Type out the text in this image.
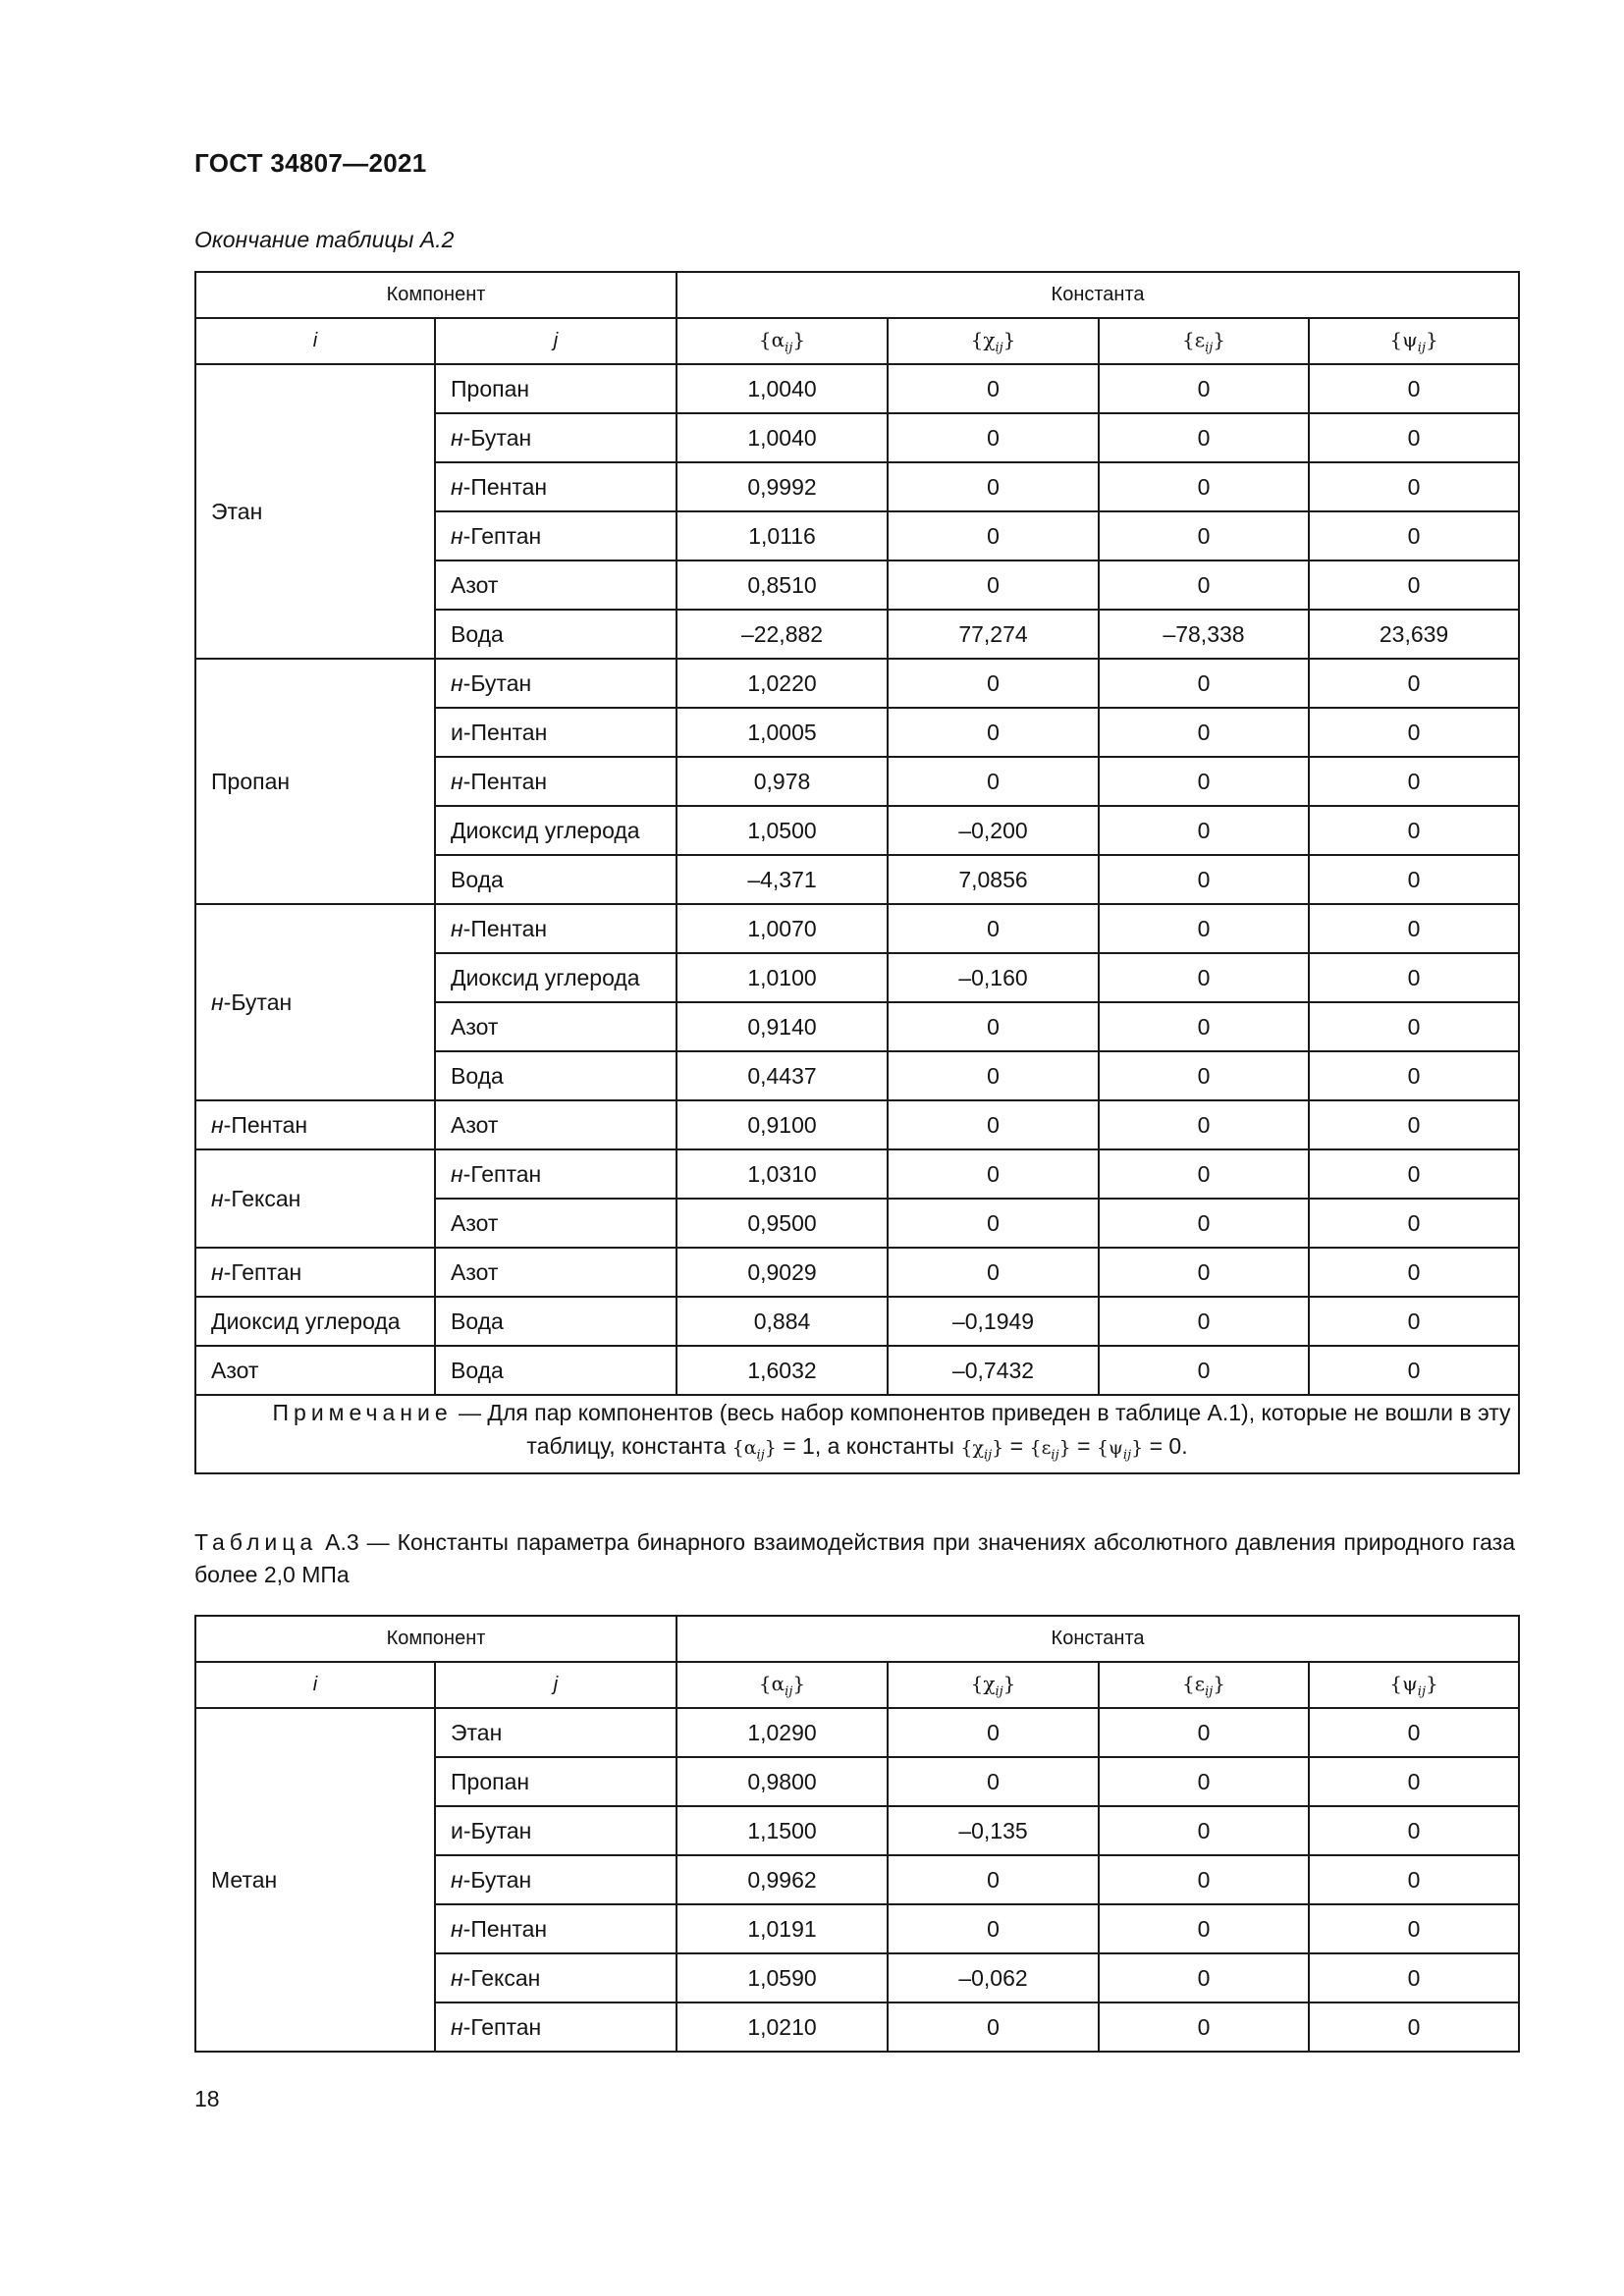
ГОСТ 34807—2021
Окончание таблицы А.2
Компонент		Константа			
i	j	$\{\alpha_{ij}\}$	$\{\chi_{ij}\}$	$\{\varepsilon_{ij}\}$	$\{\psi_{ij}\}$
Этан	Пропан	1,0040	0	0	0
	н-Бутан	1,0040	0	0	0
	н-Пентан	0,9992	0	0	0
	н-Гептан	1,0116	0	0	0
	Азот	0,8510	0	0	0
	Вода	–22,882	77,274	–78,338	23,639
Пропан	н-Бутан	1,0220	0	0	0
	и-Пентан	1,0005	0	0	0
	н-Пентан	0,978	0	0	0
	Диоксид углерода	1,0500	–0,200	0	0
	Вода	–4,371	7,0856	0	0
н-Бутан	н-Пентан	1,0070	0	0	0
	Диоксид углерода	1,0100	–0,160	0	0
	Азот	0,9140	0	0	0
	Вода	0,4437	0	0	0
н-Пентан	Азот	0,9100	0	0	0
н-Гексан	н-Гептан	1,0310	0	0	0
	Азот	0,9500	0	0	0
н-Гептан	Азот	0,9029	0	0	0
Диоксид углерода	Вода	0,884	–0,1949	0	0
Азот	Вода	1,6032	–0,7432	0	0

Примечание — Для пар компонентов (весь набор компонентов приведен в таблице А.1), которые не вошли в эту таблицу, константа $\{\alpha_{ij}\} = 1$, а константы $\{\chi_{ij}\} = \{\varepsilon_{ij}\} = \{\psi_{ij}\} = 0$.					
Таблица А.3 — Константы параметра бинарного взаимодействия при значениях абсолютного давления природного газа более 2,0 МПа
Компонент		Константа			
i	j	$\{\alpha_{ij}\}$	$\{\chi_{ij}\}$	$\{\varepsilon_{ij}\}$	$\{\psi_{ij}\}$
Метан	Этан	1,0290	0	0	0
	Пропан	0,9800	0	0	0
	и-Бутан	1,1500	–0,135	0	0
	н-Бутан	0,9962	0	0	0
	н-Пентан	1,0191	0	0	0
	н-Гексан	1,0590	–0,062	0	0
	н-Гептан	1,0210	0	0	0
18
